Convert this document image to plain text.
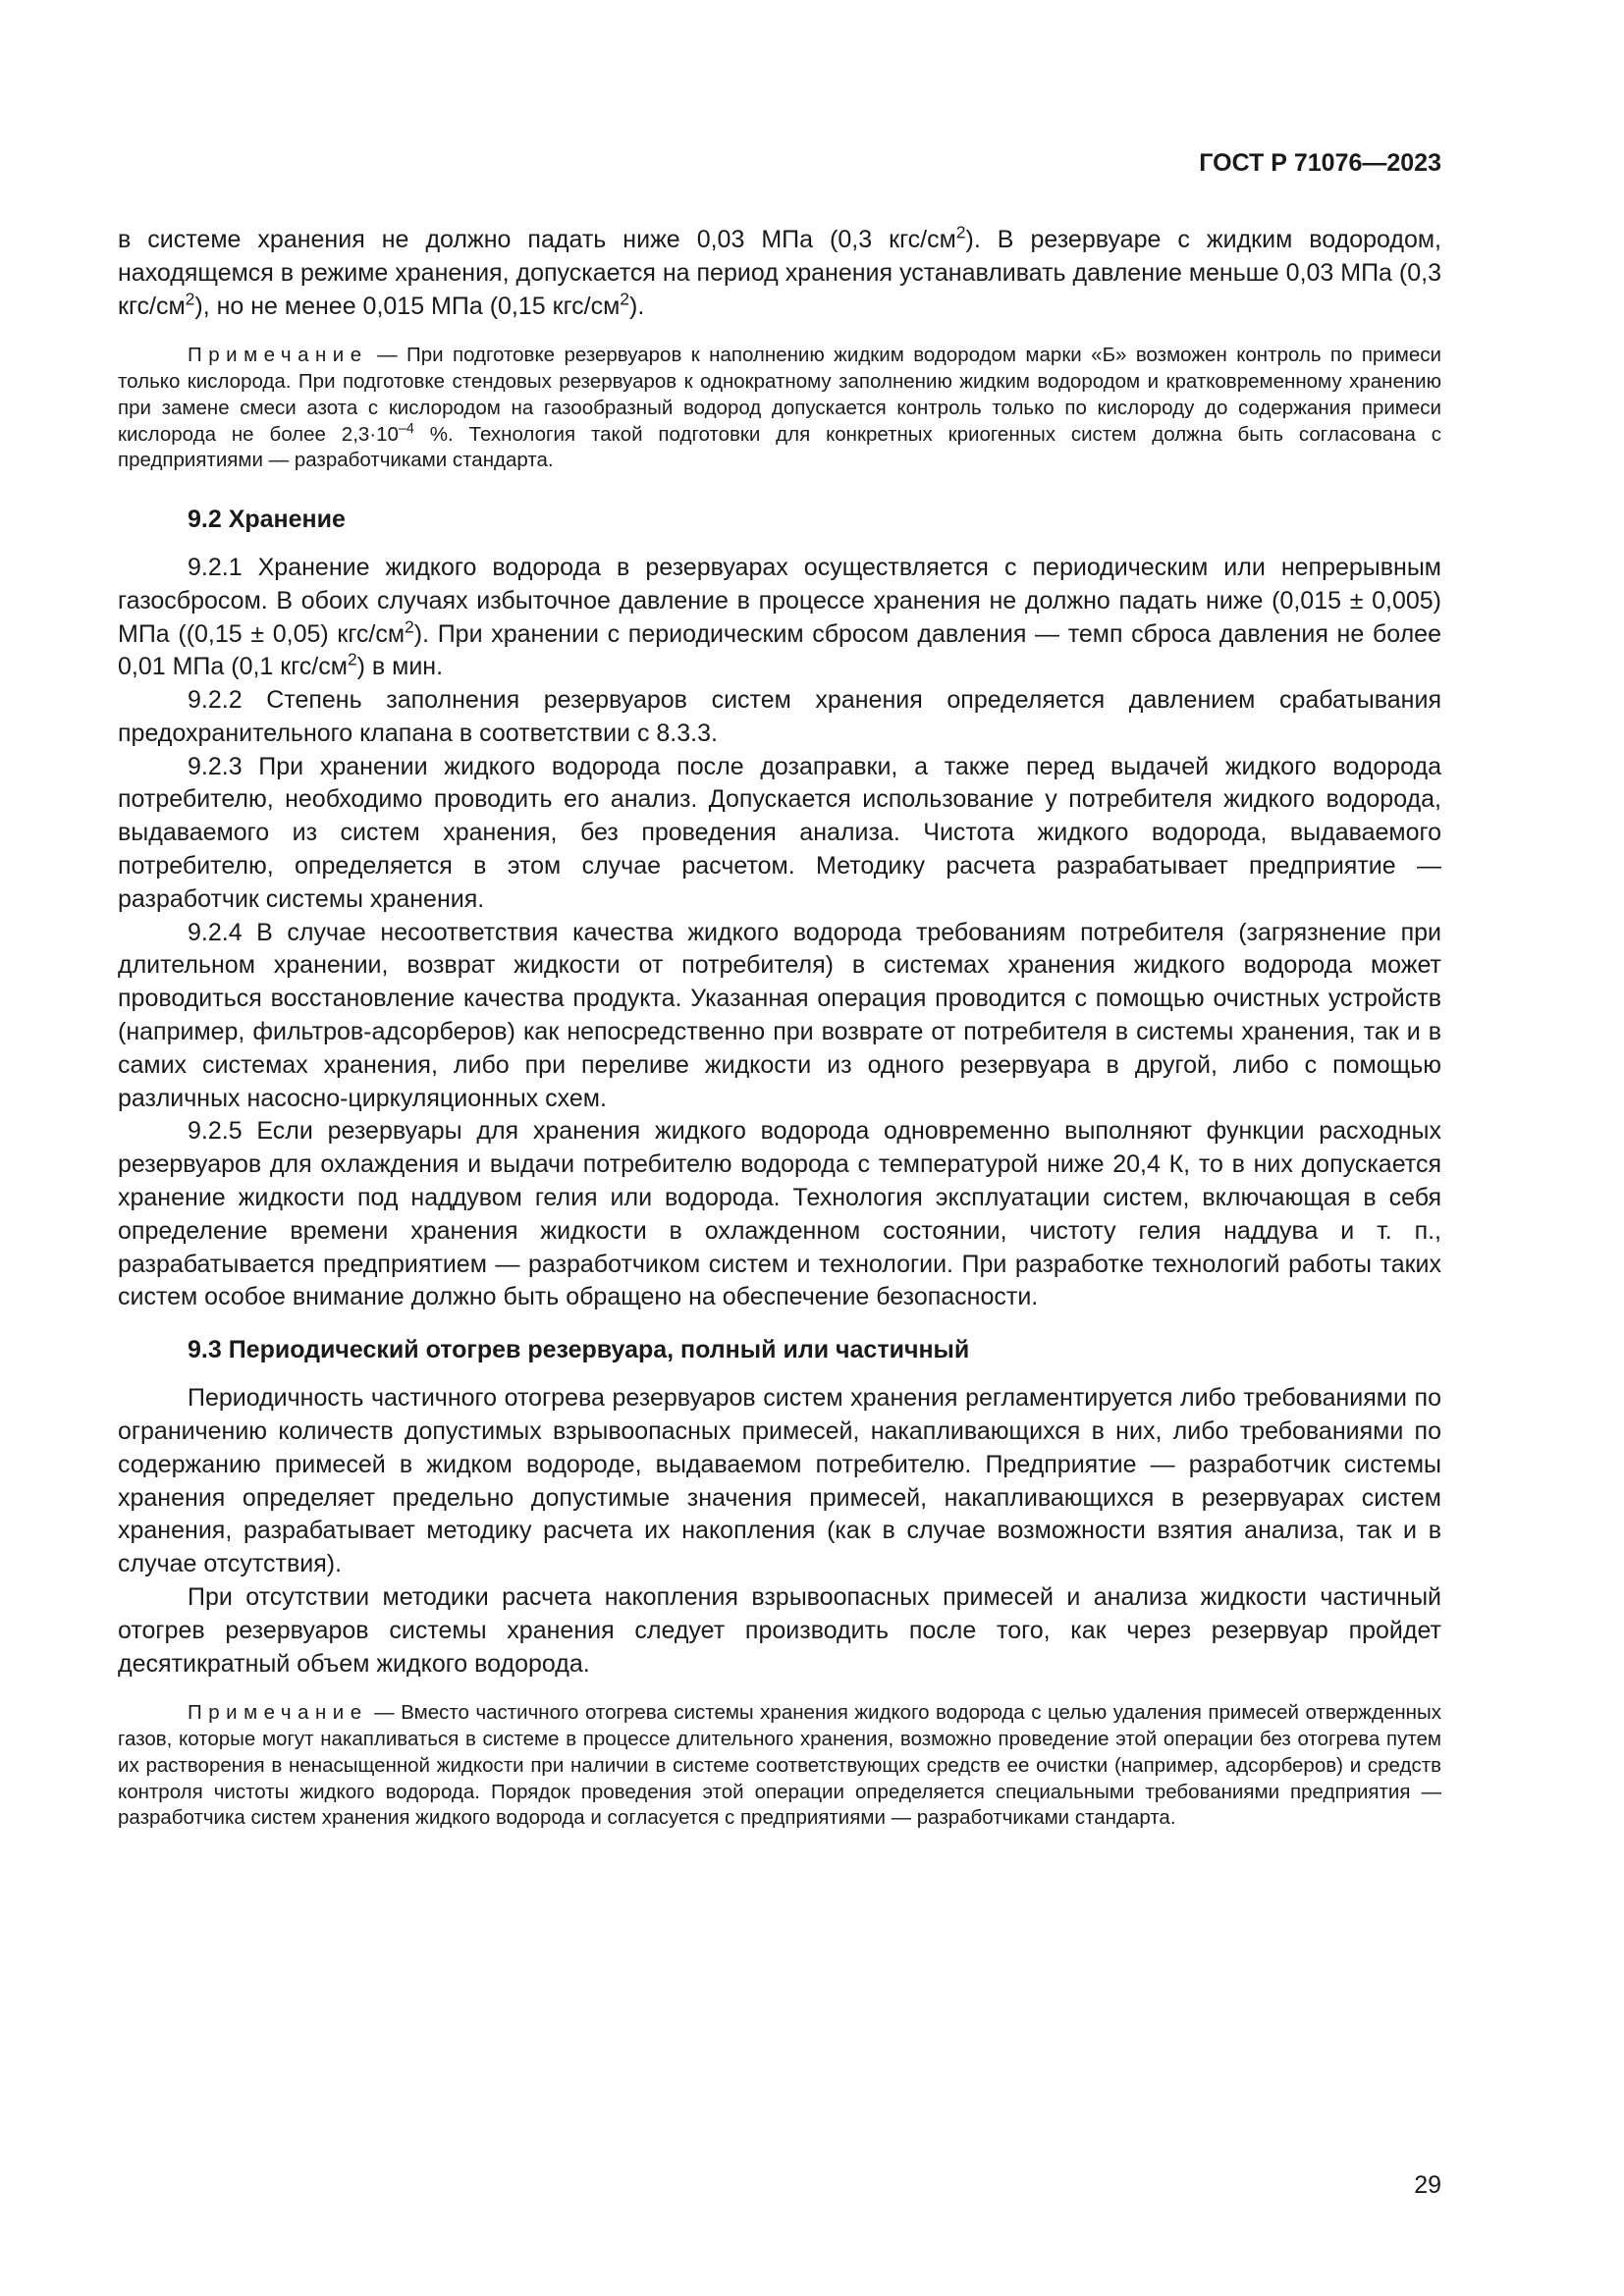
ГОСТ Р 71076—2023

в системе хранения не должно падать ниже 0,03 МПа (0,3 кгс/$см^2$). В резервуаре с жидким водородом, находящемся в режиме хранения, допускается на период хранения устанавливать давление меньше 0,03 МПа (0,3 кгс/$см^2$), но не менее 0,015 МПа (0,15 кгс/$см^2$).

Примечание — При подготовке резервуаров к наполнению жидким водородом марки «Б» возможен контроль по примеси только кислорода. При подготовке стендовых резервуаров к однократному заполнению жидким водородом и кратковременному хранению при замене смеси азота с кислородом на газообразный водород допускается контроль только по кислороду до содержания примеси кислорода не более $2,3\cdot 10^{-4}$ %. Технология такой подготовки для конкретных криогенных систем должна быть согласована с предприятиями — разработчиками стандарта.

9.2 Хранение

9.2.1 Хранение жидкого водорода в резервуарах осуществляется с периодическим или непрерывным газосбросом. В обоих случаях избыточное давление в процессе хранения не должно падать ниже (0,015 ± 0,005) МПа ((0,15 ± 0,05) кгс/$см^2$). При хранении с периодическим сбросом давления — темп сброса давления не более 0,01 МПа (0,1 кгс/$см^2$) в мин.

9.2.2 Степень заполнения резервуаров систем хранения определяется давлением срабатывания предохранительного клапана в соответствии с 8.3.3.

9.2.3 При хранении жидкого водорода после дозаправки, а также перед выдачей жидкого водорода потребителю, необходимо проводить его анализ. Допускается использование у потребителя жидкого водорода, выдаваемого из систем хранения, без проведения анализа. Чистота жидкого водорода, выдаваемого потребителю, определяется в этом случае расчетом. Методику расчета разрабатывает предприятие — разработчик системы хранения.

9.2.4 В случае несоответствия качества жидкого водорода требованиям потребителя (загрязнение при длительном хранении, возврат жидкости от потребителя) в системах хранения жидкого водорода может проводиться восстановление качества продукта. Указанная операция проводится с помощью очистных устройств (например, фильтров-адсорберов) как непосредственно при возврате от потребителя в системы хранения, так и в самих системах хранения, либо при переливе жидкости из одного резервуара в другой, либо с помощью различных насосно-циркуляционных схем.

9.2.5 Если резервуары для хранения жидкого водорода одновременно выполняют функции расходных резервуаров для охлаждения и выдачи потребителю водорода с температурой ниже 20,4 К, то в них допускается хранение жидкости под наддувом гелия или водорода. Технология эксплуатации систем, включающая в себя определение времени хранения жидкости в охлажденном состоянии, чистоту гелия наддува и т. п., разрабатывается предприятием — разработчиком систем и технологии. При разработке технологий работы таких систем особое внимание должно быть обращено на обеспечение безопасности.

9.3 Периодический отогрев резервуара, полный или частичный

Периодичность частичного отогрева резервуаров систем хранения регламентируется либо требованиями по ограничению количеств допустимых взрывоопасных примесей, накапливающихся в них, либо требованиями по содержанию примесей в жидком водороде, выдаваемом потребителю. Предприятие — разработчик системы хранения определяет предельно допустимые значения примесей, накапливающихся в резервуарах систем хранения, разрабатывает методику расчета их накопления (как в случае возможности взятия анализа, так и в случае отсутствия).

При отсутствии методики расчета накопления взрывоопасных примесей и анализа жидкости частичный отогрев резервуаров системы хранения следует производить после того, как через резервуар пройдет десятикратный объем жидкого водорода.

Примечание — Вместо частичного отогрева системы хранения жидкого водорода с целью удаления примесей отвержденных газов, которые могут накапливаться в системе в процессе длительного хранения, возможно проведение этой операции без отогрева путем их растворения в ненасыщенной жидкости при наличии в системе соответствующих средств ее очистки (например, адсорберов) и средств контроля чистоты жидкого водорода. Порядок проведения этой операции определяется специальными требованиями предприятия — разработчика систем хранения жидкого водорода и согласуется с предприятиями — разработчиками стандарта.

29
